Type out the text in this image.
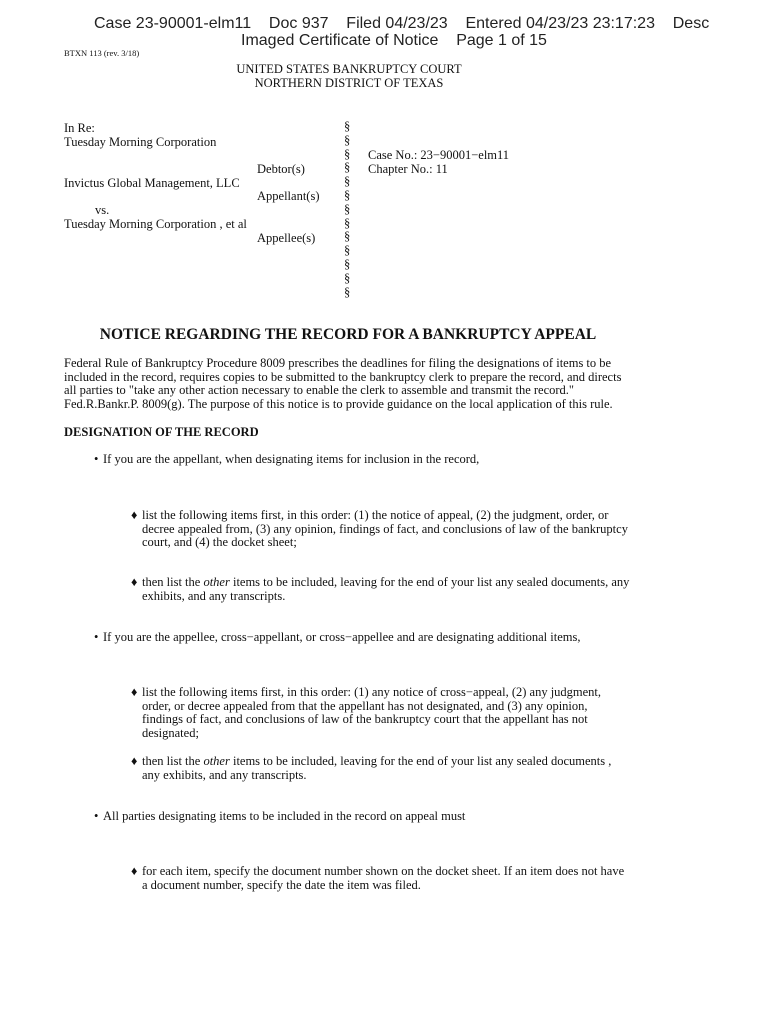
Case 23-90001-elm11    Doc 937    Filed 04/23/23    Entered 04/23/23 23:17:23    Desc
Imaged Certificate of Notice    Page 1 of 15
BTXN 113 (rev. 3/18)
UNITED STATES BANKRUPTCY COURT
NORTHERN DISTRICT OF TEXAS
In Re:
Tuesday Morning Corporation
Debtor(s)
Invictus Global Management, LLC
Appellant(s)
vs.
Tuesday Morning Corporation , et al
Appellee(s)
§
§
§
§
§
§
§
§
§
§
§
§
§
Case No.: 23−90001−elm11
Chapter No.: 11
NOTICE REGARDING THE RECORD FOR A BANKRUPTCY APPEAL
Federal Rule of Bankruptcy Procedure 8009 prescribes the deadlines for filing the designations of items to be included in the record, requires copies to be submitted to the bankruptcy clerk to prepare the record, and directs all parties to "take any other action necessary to enable the clerk to assemble and transmit the record." Fed.R.Bankr.P. 8009(g). The purpose of this notice is to provide guidance on the local application of this rule.
DESIGNATION OF THE RECORD
• If you are the appellant, when designating items for inclusion in the record,
♦ list the following items first, in this order: (1) the notice of appeal, (2) the judgment, order, or decree appealed from, (3) any opinion, findings of fact, and conclusions of law of the bankruptcy court, and (4) the docket sheet;
♦ then list the other items to be included, leaving for the end of your list any sealed documents, any exhibits, and any transcripts.
• If you are the appellee, cross−appellant, or cross−appellee and are designating additional items,
♦ list the following items first, in this order: (1) any notice of cross−appeal, (2) any judgment, order, or decree appealed from that the appellant has not designated, and (3) any opinion, findings of fact, and conclusions of law of the bankruptcy court that the appellant has not designated;
♦ then list the other items to be included, leaving for the end of your list any sealed documents , any exhibits, and any transcripts.
• All parties designating items to be included in the record on appeal must
♦ for each item, specify the document number shown on the docket sheet. If an item does not have a document number, specify the date the item was filed.
